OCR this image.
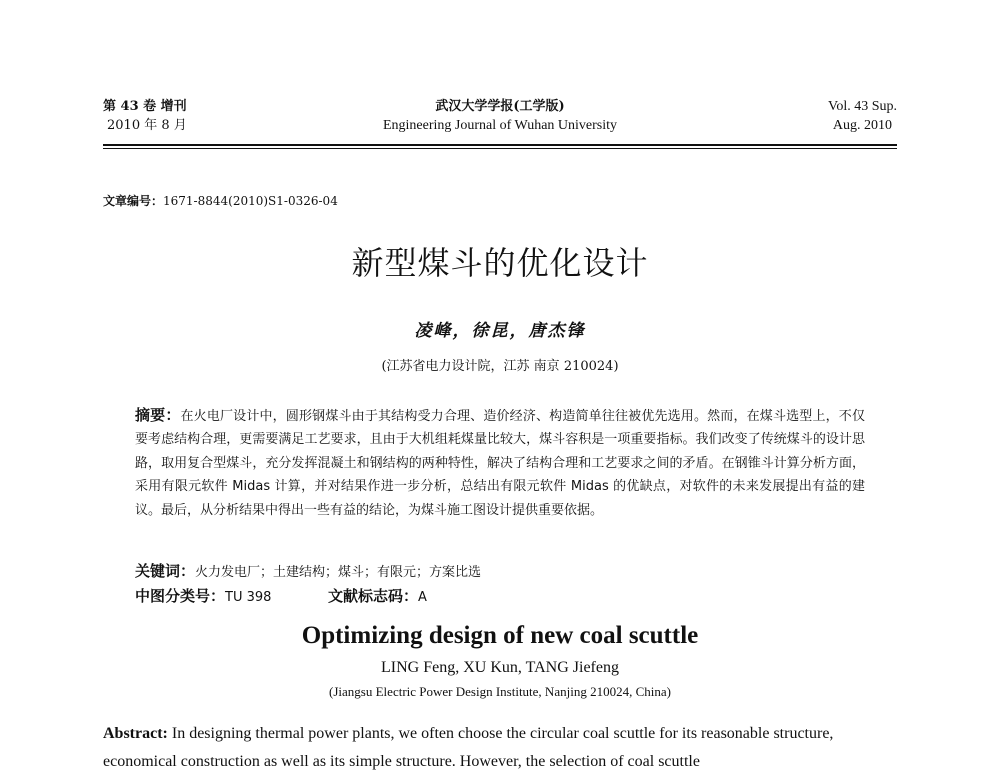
第 43 卷 增刊
2010 年 8 月
武汉大学学报(工学版)
Engineering Journal of Wuhan University
Vol. 43 Sup.
Aug. 2010
文章编号：1671-8844(2010)S1-0326-04
新型煤斗的优化设计
凌峰，徐昆，唐杰锋
(江苏省电力设计院，江苏 南京 210024)
摘要：在火电厂设计中，圆形钢煤斗由于其结构受力合理、造价经济、构造简单往往被优先选用。然而，在煤斗选型上，不仅要考虑结构合理，更需要满足工艺要求，且由于大机组耗煤量比较大，煤斗容积是一项重要指标。我们改变了传统煤斗的设计思路，取用复合型煤斗，充分发挥混凝土和钢结构的两种特性，解决了结构合理和工艺要求之间的矛盾。在钢锥斗计算分析方面，采用有限元软件 Midas 计算，并对结果作进一步分析，总结出有限元软件 Midas 的优缺点，对软件的未来发展提出有益的建议。最后，从分析结果中得出一些有益的结论，为煤斗施工图设计提供重要依据。
关键词：火力发电厂；土建结构；煤斗；有限元；方案比选
中图分类号：TU 398	文献标志码：A
Optimizing design of new coal scuttle
LING Feng, XU Kun, TANG Jiefeng
(Jiangsu Electric Power Design Institute, Nanjing 210024, China)
Abstract: In designing thermal power plants, we often choose the circular coal scuttle for its reasonable structure, economical construction as well as its simple structure. However, the selection of coal scuttle
